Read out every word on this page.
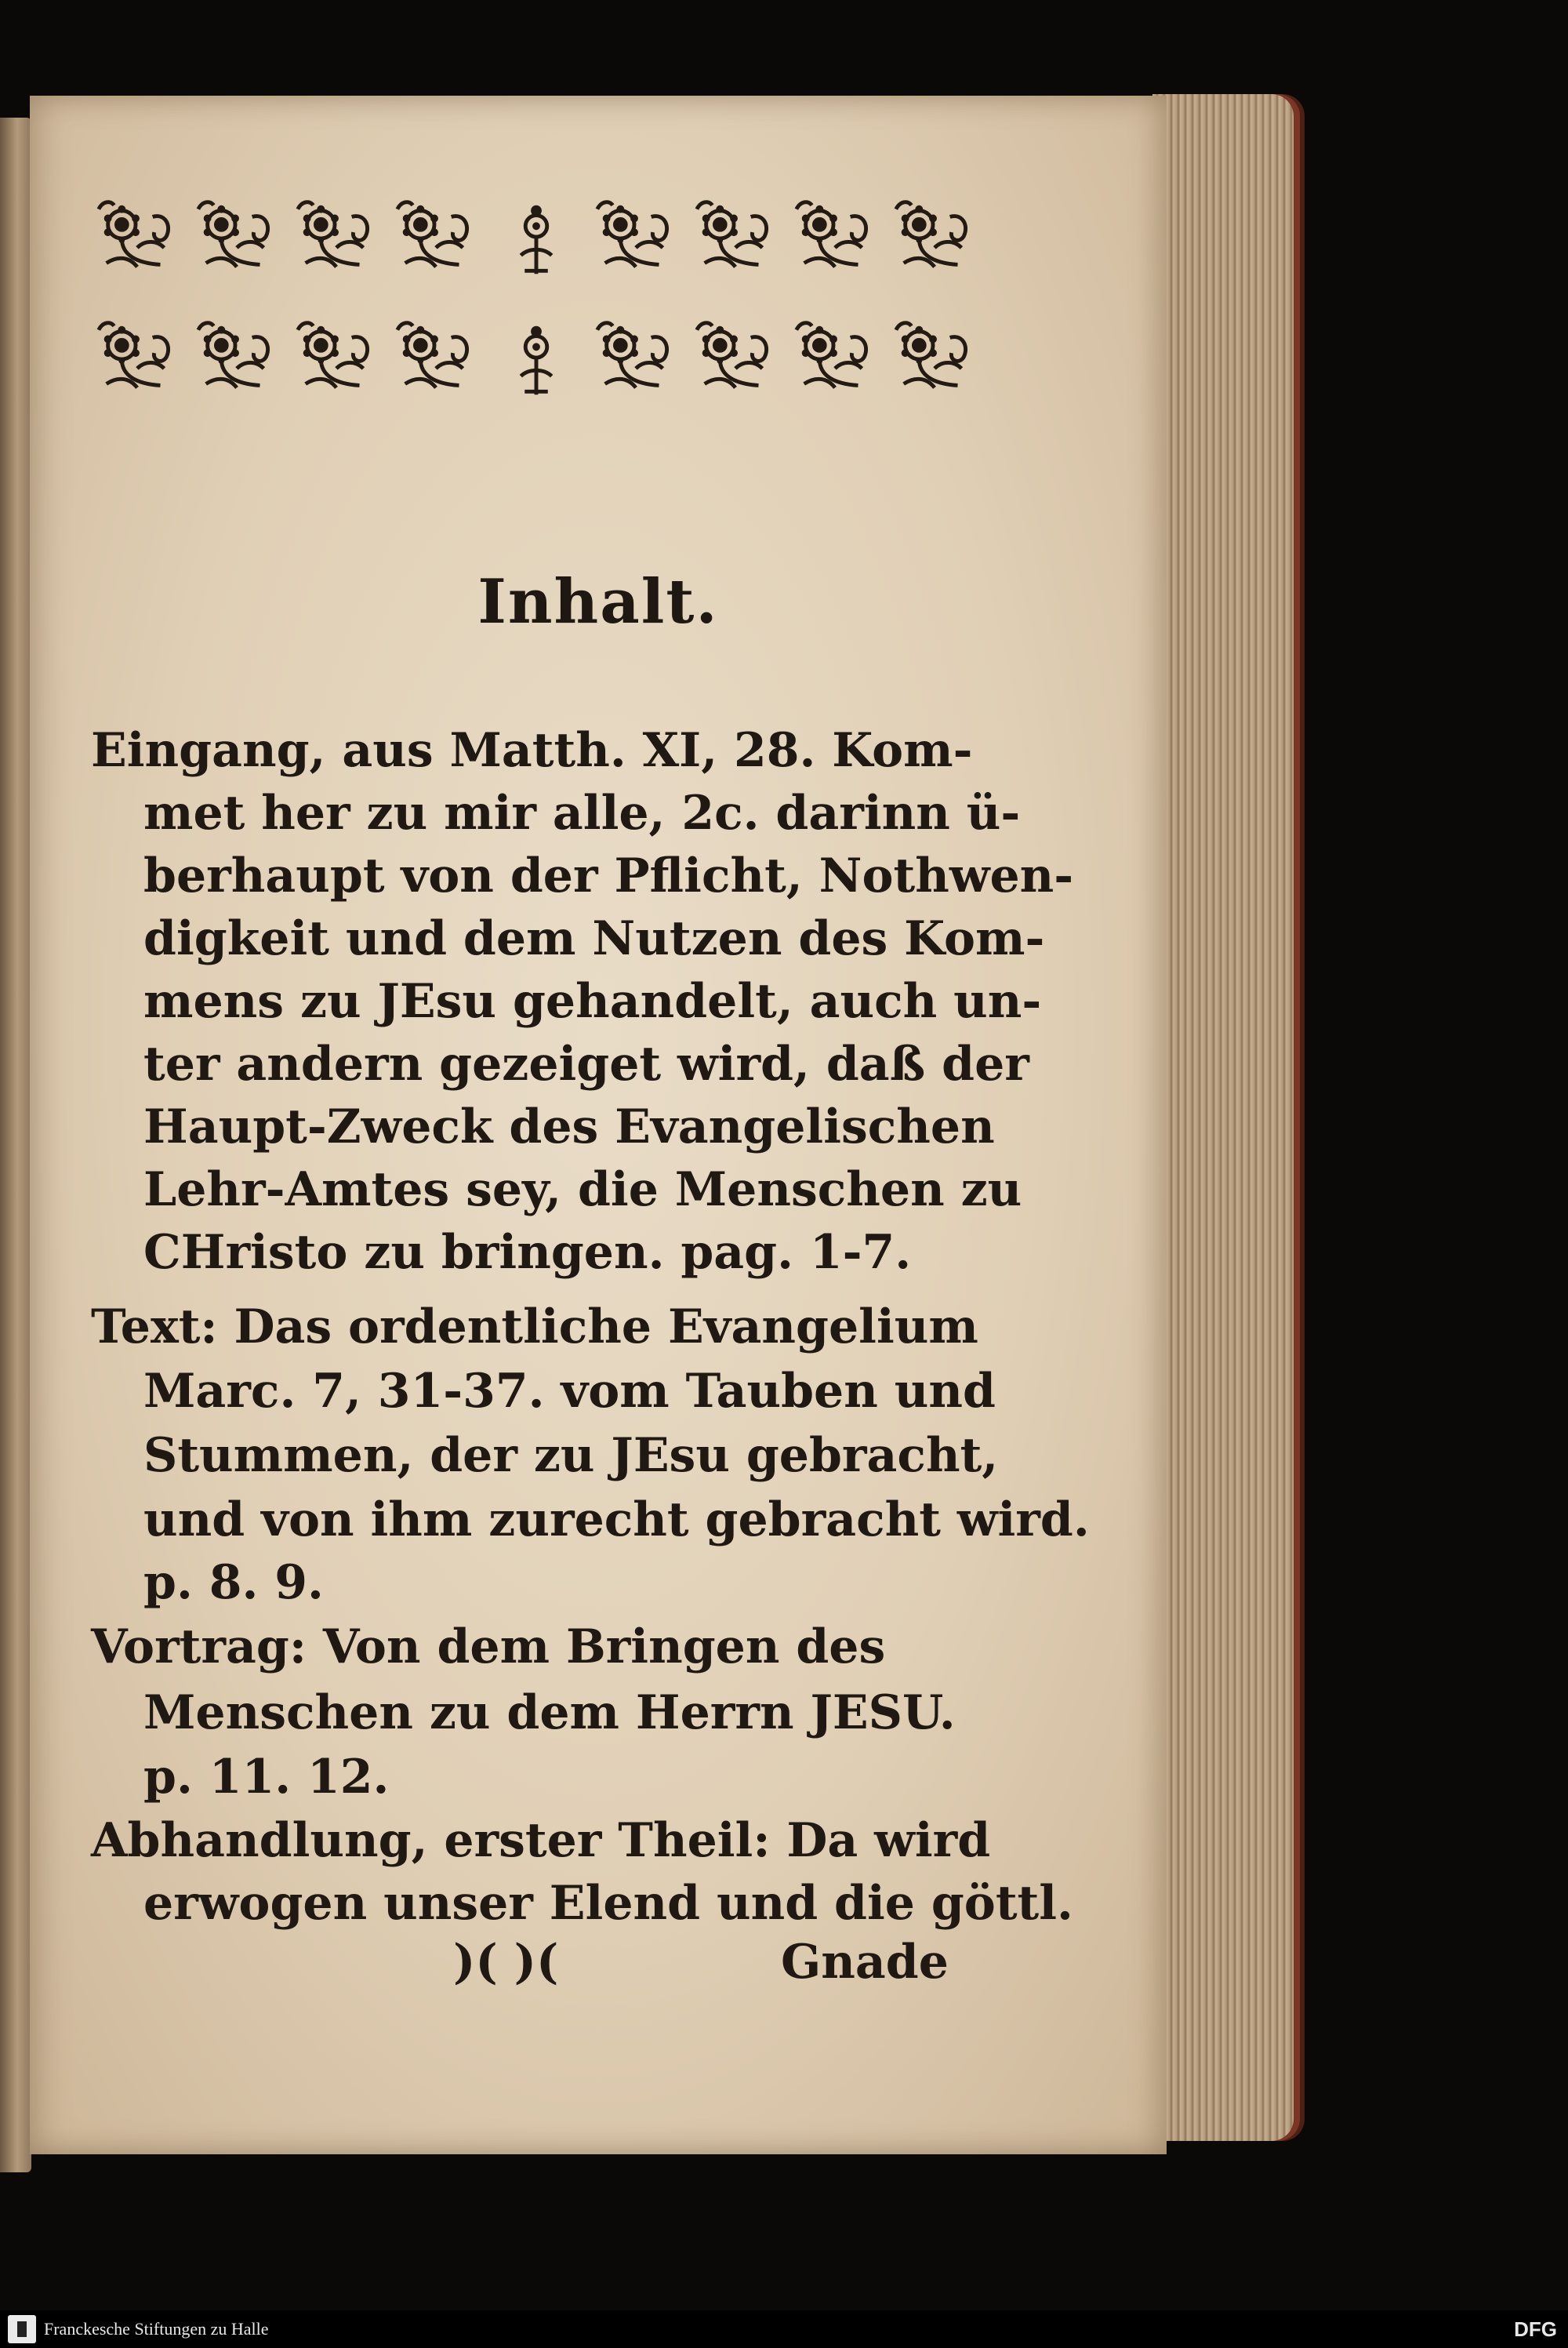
Inhalt.
Eingang, aus Matth. XI, 28. Kom-
met her zu mir alle, 2c. darinn ü-
berhaupt von der Pflicht, Nothwen-
digkeit und dem Nutzen des Kom-
mens zu JEsu gehandelt, auch un-
ter andern gezeiget wird, daß der
Haupt-Zweck des Evangelischen
Lehr-Amtes sey, die Menschen zu
CHristo zu bringen. pag. 1-7.
Text: Das ordentliche Evangelium
Marc. 7, 31-37. vom Tauben und
Stummen, der zu JEsu gebracht,
und von ihm zurecht gebracht wird.
p. 8. 9.
Vortrag: Von dem Bringen des
Menschen zu dem Herrn JESU.
p. 11. 12.
Abhandlung, erster Theil: Da wird
erwogen unser Elend und die göttl.
)( )(	Gnade
Franckesche Stiftungen zu Halle	DFG
